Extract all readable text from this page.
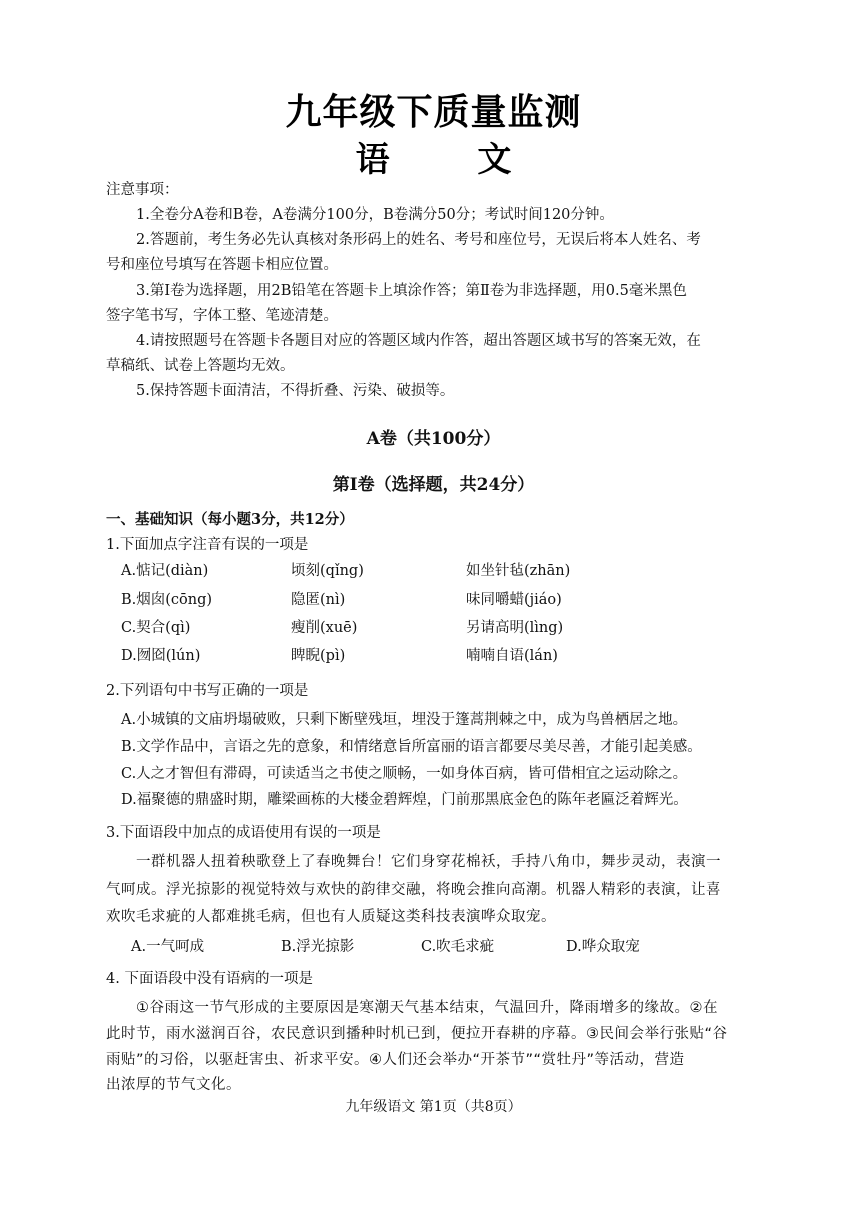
九年级下质量监测
语 文
注意事项：
1.全卷分A卷和B卷，A卷满分100分，B卷满分50分；考试时间120分钟。
2.答题前，考生务必先认真核对条形码上的姓名、考号和座位号，无误后将本人姓名、考
号和座位号填写在答题卡相应位置。
3.第Ⅰ卷为选择题，用2B铅笔在答题卡上填涂作答；第Ⅱ卷为非选择题，用0.5毫米黑色
签字笔书写，字体工整、笔迹清楚。
4.请按照题号在答题卡各题目对应的答题区域内作答，超出答题区域书写的答案无效，在
草稿纸、试卷上答题均无效。
5.保持答题卡面清洁，不得折叠、污染、破损等。
A卷（共100分）
第Ⅰ卷（选择题，共24分）
一、基础知识（每小题3分，共12分）
1.下面加点字注音有误的一项是
A.惦记(diàn)	顷刻(qǐng)	如坐针毡(zhān)
B.烟囱(cōng)	隐匿(nì)	味同嚼蜡(jiáo)
C.契合(qì)	瘦削(xuē)	另请高明(lìng)
D.囫囵(lún)	睥睨(pì)	喃喃自语(lán)
2.下列语句中书写正确的一项是
A.小城镇的文庙坍塌破败，只剩下断壁残垣，埋没于篷蒿荆棘之中，成为鸟兽栖居之地。
B.文学作品中，言语之先的意象，和情绪意旨所富丽的语言都要尽美尽善，才能引起美感。
C.人之才智但有滞碍，可读适当之书使之顺畅，一如身体百病，皆可借相宜之运动除之。
D.福聚德的鼎盛时期，雕梁画栋的大楼金碧辉煌，门前那黑底金色的陈年老匾泛着辉光。
3.下面语段中加点的成语使用有误的一项是
一群机器人扭着秧歌登上了春晚舞台！它们身穿花棉袄，手持八角巾，舞步灵动，表演一
气呵成。浮光掠影的视觉特效与欢快的韵律交融，将晚会推向高潮。机器人精彩的表演，让喜
欢吹毛求疵的人都难挑毛病，但也有人质疑这类科技表演哗众取宠。
A.一气呵成	B.浮光掠影	C.吹毛求疵	D.哗众取宠
4. 下面语段中没有语病的一项是
①谷雨这一节气形成的主要原因是寒潮天气基本结束，气温回升，降雨增多的缘故。②在
此时节，雨水滋润百谷，农民意识到播种时机已到，便拉开春耕的序幕。③民间会举行张贴“谷
雨贴”的习俗，以驱赶害虫、祈求平安。④人们还会举办“开茶节”“赏牡丹”等活动，营造
出浓厚的节气文化。
九年级语文 第1页（共8页）
